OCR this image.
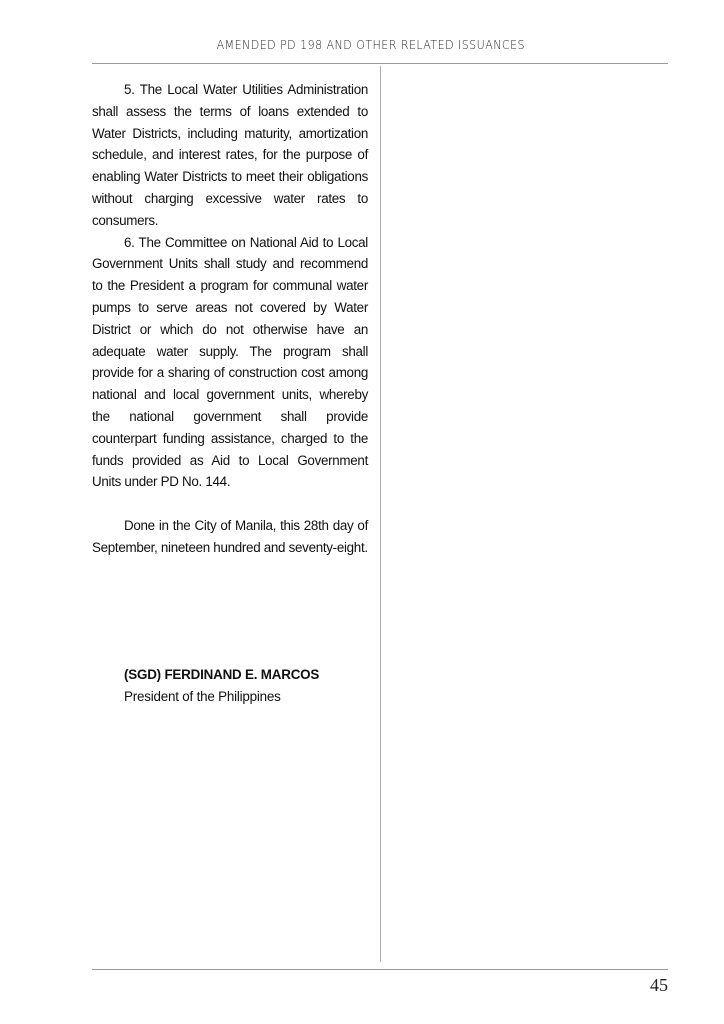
AMENDED PD 198 AND OTHER RELATED ISSUANCES

5. The Local Water Utilities Administration shall assess the terms of loans extended to Water Districts, including maturity, amortization schedule, and interest rates, for the purpose of enabling Water Districts to meet their obligations without charging excessive water rates to consumers.

6. The Committee on National Aid to Local Government Units shall study and recommend to the President a program for communal water pumps to serve areas not covered by Water District or which do not otherwise have an adequate water supply. The program shall provide for a sharing of construction cost among national and local government units, whereby the national government shall provide counterpart funding assistance, charged to the funds provided as Aid to Local Government Units under PD No. 144.

Done in the City of Manila, this 28th day of September, nineteen hundred and seventy-eight.

(SGD) FERDINAND E. MARCOS
President of the Philippines
45
